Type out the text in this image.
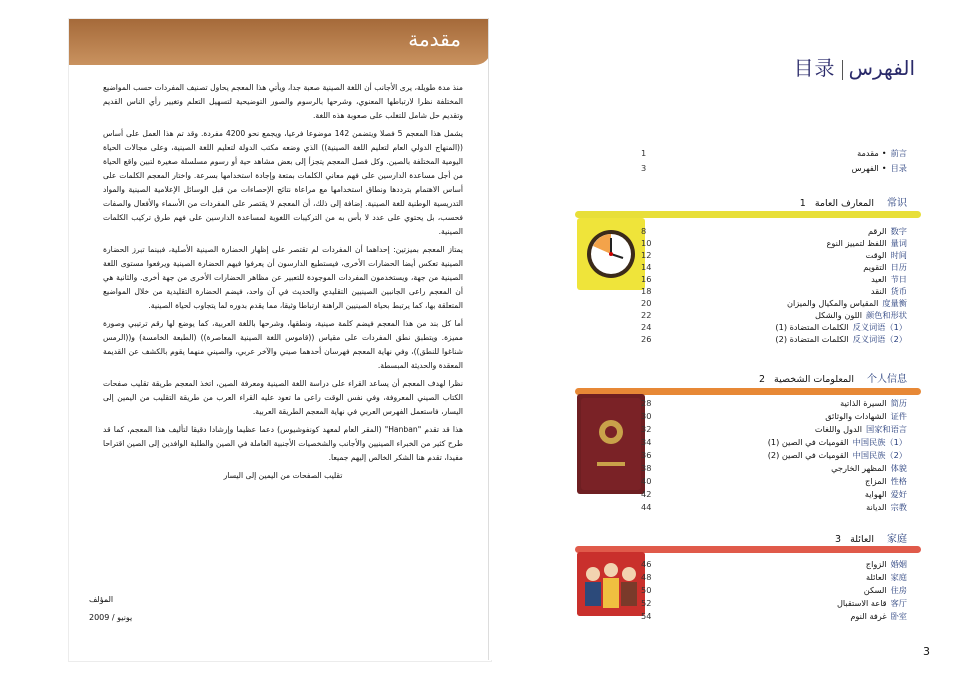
مقدمة

منذ مدة طويلة، يرى الأجانب أن اللغة الصينية صعبة جدا، ويأتي هذا المعجم يحاول تصنيف المفردات حسب المواضيع المختلفة نظرا لارتباطها المعنوي، وشرحها بالرسوم والصور التوضيحية لتسهيل التعلم وتغيير رأي الناس القديم وتقديم حل شامل للتغلب على صعوبة هذه اللغة.

يشمل هذا المعجم 5 فصلا ويتضمن 142 موضوعا فرعيا، ويجمع نحو 4200 مفردة. وقد تم هذا العمل على أساس ((المنهاج الدولي العام لتعليم اللغة الصينية)) الذي وضعه مكتب الدولة لتعليم اللغة الصينية، وعلى مجالات الحياة اليومية المختلفة بالصين. وكل فصل المعجم يتجزأ إلى بعض مشاهد حية أو رسوم مسلسلة صغيرة لتبين واقع الحياة من أجل مساعدة الدارسين على فهم معاني الكلمات بمتعة وإجادة استخدامها بسرعة. واختار المعجم الكلمات على أساس الاهتمام بترددها ونطاق استخدامها مع مراعاة نتائج الإحصاءات من قبل الوسائل الإعلامية الصينية والمواد التدريسية الوطنية للغة الصينية. إضافة إلى ذلك، أن المعجم لا يقتصر على المفردات من الأسماء والأفعال والصفات فحسب، بل يحتوي على عدد لا بأس به من التركيبات اللغوية لمساعدة الدارسين على فهم طرق تركيب الكلمات الصينية.

يمتاز المعجم بميزتين: إحداهما أن المفردات لم تقتصر على إظهار الحضارة الصينية الأصلية، فبينما تبرز الحضارة الصينية تعكس أيضا الحضارات الأخرى، فيستطيع الدارسون أن يعرفوا فيهم الحضارة الصينية ويرفعوا مستوى اللغة الصينية من جهة، ويستخدمون المفردات الموجودة للتعبير عن مظاهر الحضارات الأخرى من جهة أخرى. والثانية هي أن المعجم راعى الجانبين الصينيين التقليدي والحديث في آن واحد، فيضم الحضارة التقليدية من خلال المواضيع المتعلقة بها، كما يرتبط بحياة الصينيين الراهنة ارتباطا وثيقا، مما يقدم بدوره لما يتجاوب لحياة الصينية.

أما كل بند من هذا المعجم فيضم كلمة صينية، ونطقها، وشرحها باللغة العربية، كما يوضع لها رقم ترتيبي وصورة مميزة. ويتطبق نطق المفردات على مقياس ((قاموس اللغة الصينية المعاصرة)) (الطبعة الخامسة) و((الرمس شناغوا للنطق))، وفي نهاية المعجم فهرسان أحدهما صيني والآخر عربي، والصيني منهما يقوم بالكشف عن القديمة المعقدة والحديثة المبسطة.

نظرا لهدف المعجم أن يساعد القراء على دراسة اللغة الصينية ومعرفة الصين، اتخذ المعجم طريقة تقليب صفحات الكتاب الصيني المعروفة، وفي نفس الوقت راعى ما تعود عليه القراء العرب من طريقة التقليب من اليمين إلى اليسار، فاستعمل الفهرس العربي في نهاية المعجم الطريقة العربية.

هذا قد تقدم "Hanban" (المقر العام لمعهد كونفوشيوس) دعما عظيما وإرشادا دقيقا لتأليف هذا المعجم، كما قد طرح كثير من الخبراء الصينيين والأجانب والشخصيات الأجنبية العاملة في الصين والطلبة الوافدين إلى الصين اقتراحا مفيدا، تقدم هنا الشكر الخالص إليهم جميعا.

تقليب الصفحات من اليمين إلى اليسار

المؤلف
يونيو / 2009
目录 الفهرس
1	前言• مقدمة
3	目录• الفهرس
常识 المعارف العامة 1
8	数字الرقم
10	量词اللفظ لتمييز النوع
12	时间الوقت
14	日历التقويم
16	节日العيد
18	货币النقد
20	度量衡المقياس والمكيال والميزان
22	颜色和形状اللون والشكل
24	反义词语（1）الكلمات المتضادة (1)
26	反义词语（2）الكلمات المتضادة (2)
个人信息 المعلومات الشخصية 2
28	简历السيرة الذاتية
30	证件الشهادات والوثائق
32	国家和语言الدول واللغات
34	中国民族（1）القوميات في الصين (1)
36	中国民族（2）القوميات في الصين (2)
38	体貌المظهر الخارجي
40	性格المزاج
42	爱好الهواية
44	宗教الديانة
家庭 العائلة 3
46	婚姻الزواج
48	家庭العائلة
50	住房السكن
52	客厅قاعة الاستقبال
54	卧室غرفة النوم
3
